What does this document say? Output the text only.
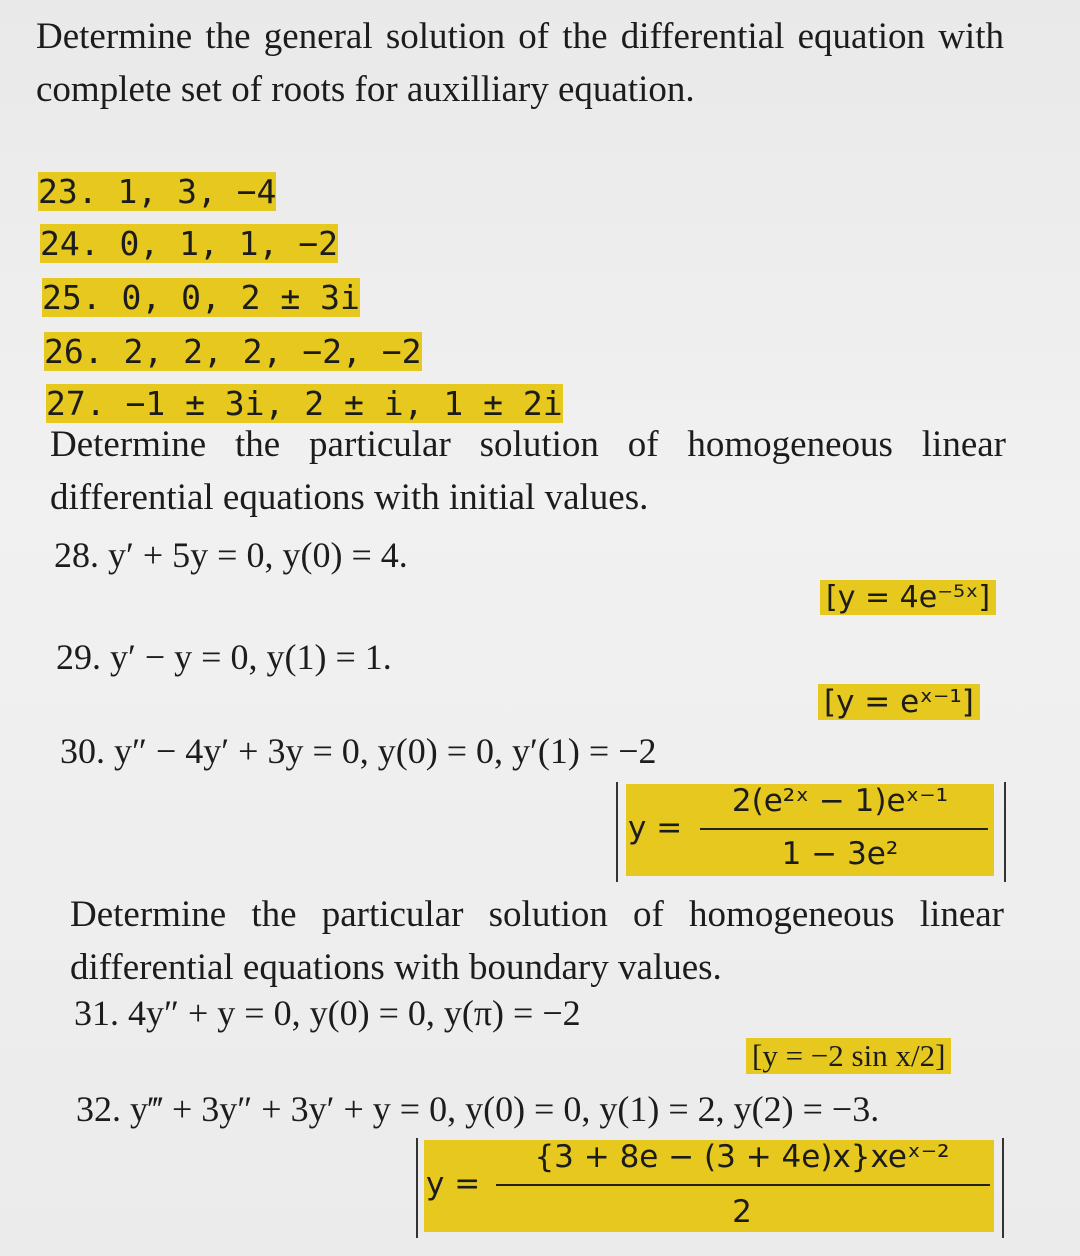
Determine the general solution of the differential equation with complete set of roots for auxilliary equation.
23. 1, 3, −4
24. 0, 1, 1, −2
25. 0, 0, 2 ± 3i
26. 2, 2, 2, −2, −2
27. −1 ± 3i, 2 ± i, 1 ± 2i
Determine the particular solution of homogeneous linear differential equations with initial values.
28. y′ + 5y = 0, y(0) = 4.
[y = 4e⁻⁵ˣ]
29. y′ − y = 0, y(1) = 1.
[y = eˣ⁻¹]
30. y″ − 4y′ + 3y = 0, y(0) = 0, y′(1) = −2
y =
2(e²ˣ − 1)eˣ⁻¹
1 − 3e²
Determine the particular solution of homogeneous linear differential equations with boundary values.
31. 4y″ + y = 0, y(0) = 0, y(π) = −2
[y = −2 sin x/2]
32. y‴ + 3y″ + 3y′ + y = 0, y(0) = 0, y(1) = 2, y(2) = −3.
y =
{3 + 8e − (3 + 4e)x}xeˣ⁻²
2
